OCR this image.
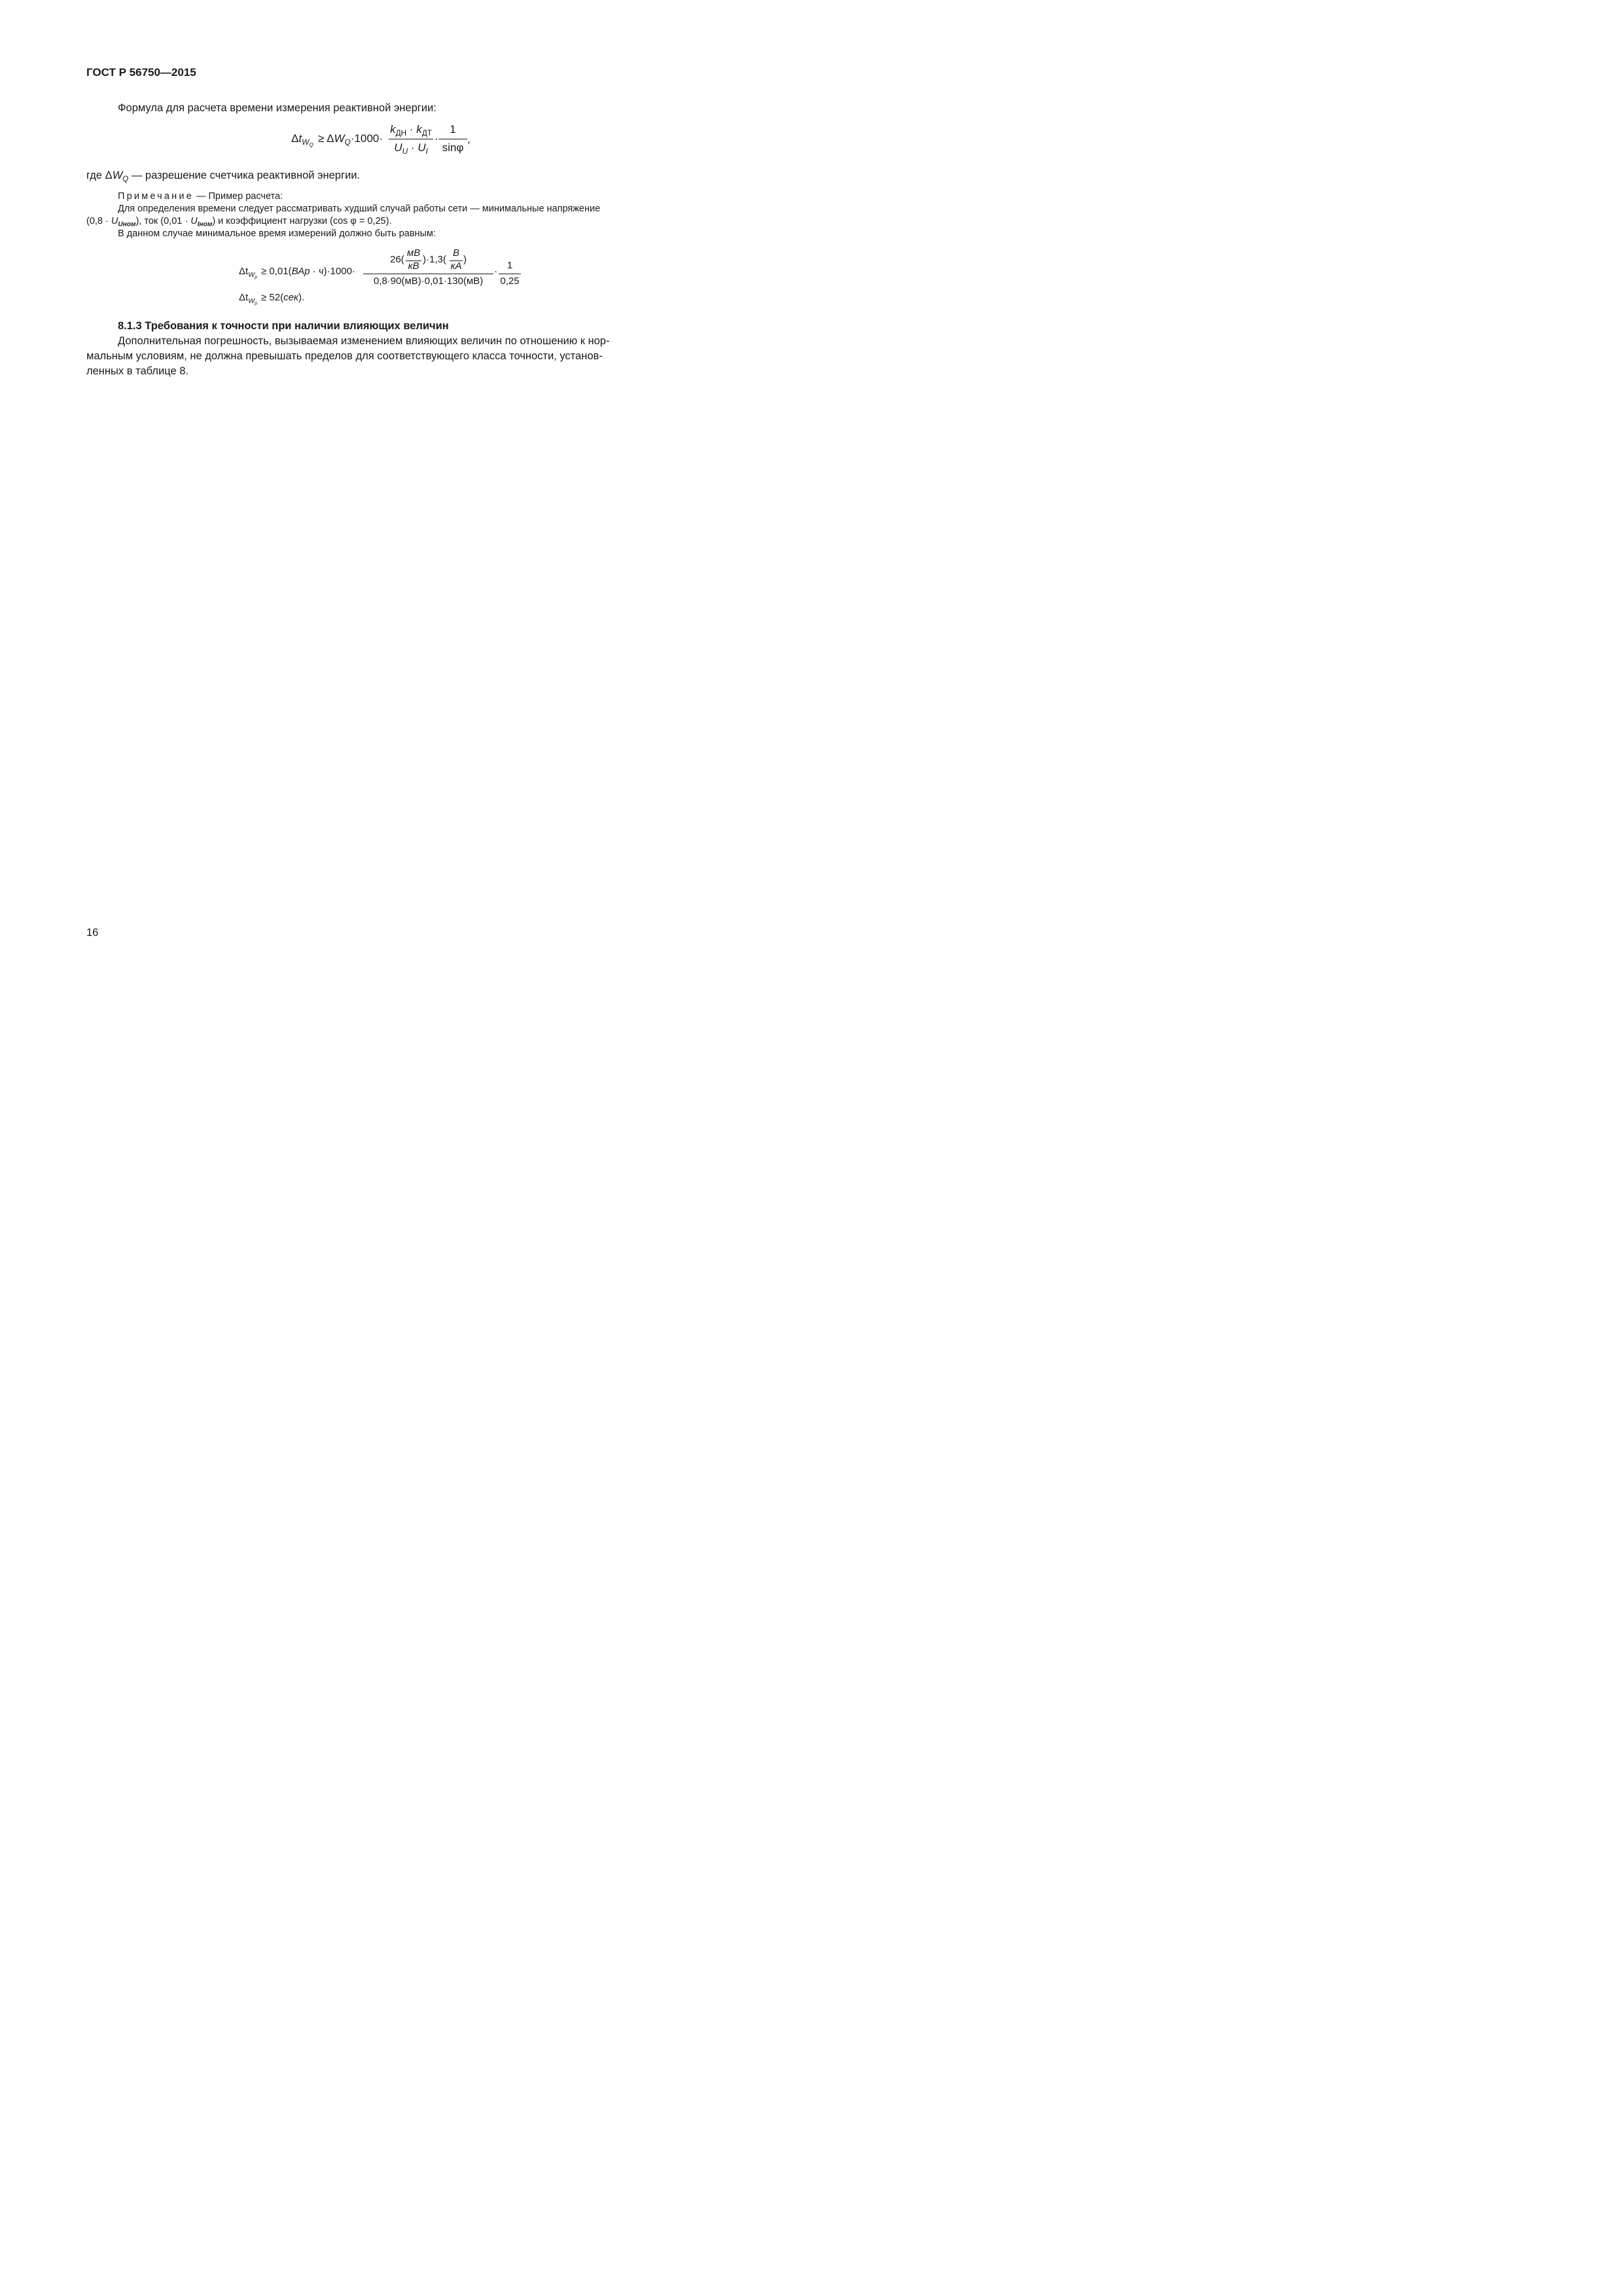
ГОСТ Р 56750—2015
Формула для расчета времени измерения реактивной энергии:
$\Delta t_{W_Q}$
≥ $\Delta W_Q\cdot 1000\cdot$
$k_{ДН} \cdot k_{ДТ}$
$U_U \cdot U_I$
·
1
sinφ
,
где $\Delta W_Q$ — разрешение счетчика реактивной энергии.
Примечание — Пример расчета:
Для определения времени следует рассматривать худший случай работы сети — минимальные напряжение
$(0,8 \cdot U_{Uном})$, ток $(0,01 \cdot U_{Iном})$ и коэффициент нагрузки (cos φ = 0,25).
В данном случае минимальное время измерений должно быть равным:
$\Delta t_{W_p} \ge 0,01(ВАр \cdot ч)\cdot 1000\cdot$
26(
мВ
кВ
)·1,3(
В
кА
)
0,8·90(мВ)·0,01·130(мВ)
·
1
0,25
$\Delta t_{W_p} \ge 52(сек)$.
8.1.3 Требования к точности при наличии влияющих величин
Дополнительная погрешность, вызываемая изменением влияющих величин по отношению к нор-
мальным условиям, не должна превышать пределов для соответствующего класса точности, установ-
ленных в таблице 8.
16
